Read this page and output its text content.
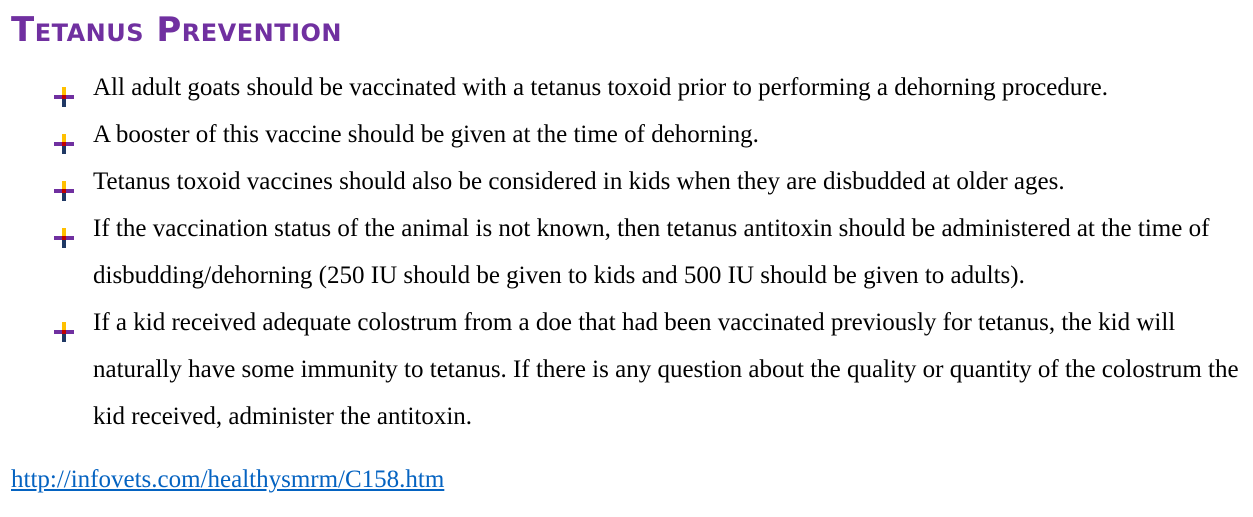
Tetanus Prevention
All adult goats should be vaccinated with a tetanus toxoid prior to performing a dehorning procedure.
A booster of this vaccine should be given at the time of dehorning.
Tetanus toxoid vaccines should also be considered in kids when they are disbudded at older ages.
If the vaccination status of the animal is not known, then tetanus antitoxin should be administered at the time of disbudding/dehorning (250 IU should be given to kids and 500 IU should be given to adults).
If a kid received adequate colostrum from a doe that had been vaccinated previously for tetanus, the kid will naturally have some immunity to tetanus. If there is any question about the quality or quantity of the colostrum the kid received, administer the antitoxin.
http://infovets.com/healthysmrm/C158.htm
